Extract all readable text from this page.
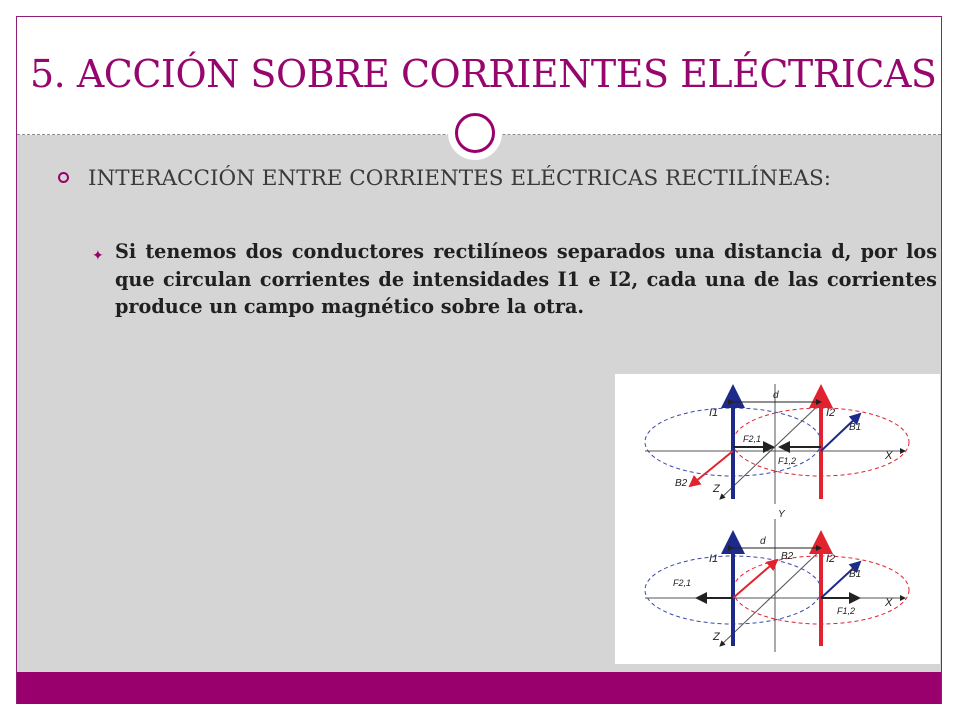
5. ACCIÓN SOBRE CORRIENTES ELÉCTRICAS

INTERACCIÓN ENTRE CORRIENTES ELÉCTRICAS RECTILÍNEAS:

✦ Si tenemos dos conductores rectilíneos separados una distancia d, por los que circulan corrientes de intensidades I1 e I2, cada una de las corrientes produce un campo magnético sobre la otra.

I1	I2
d
B1
B2
F2,1
F1,2	X
Z
Y
I1	I2
d
B1
B2
F2,1
F1,2
X
Z
